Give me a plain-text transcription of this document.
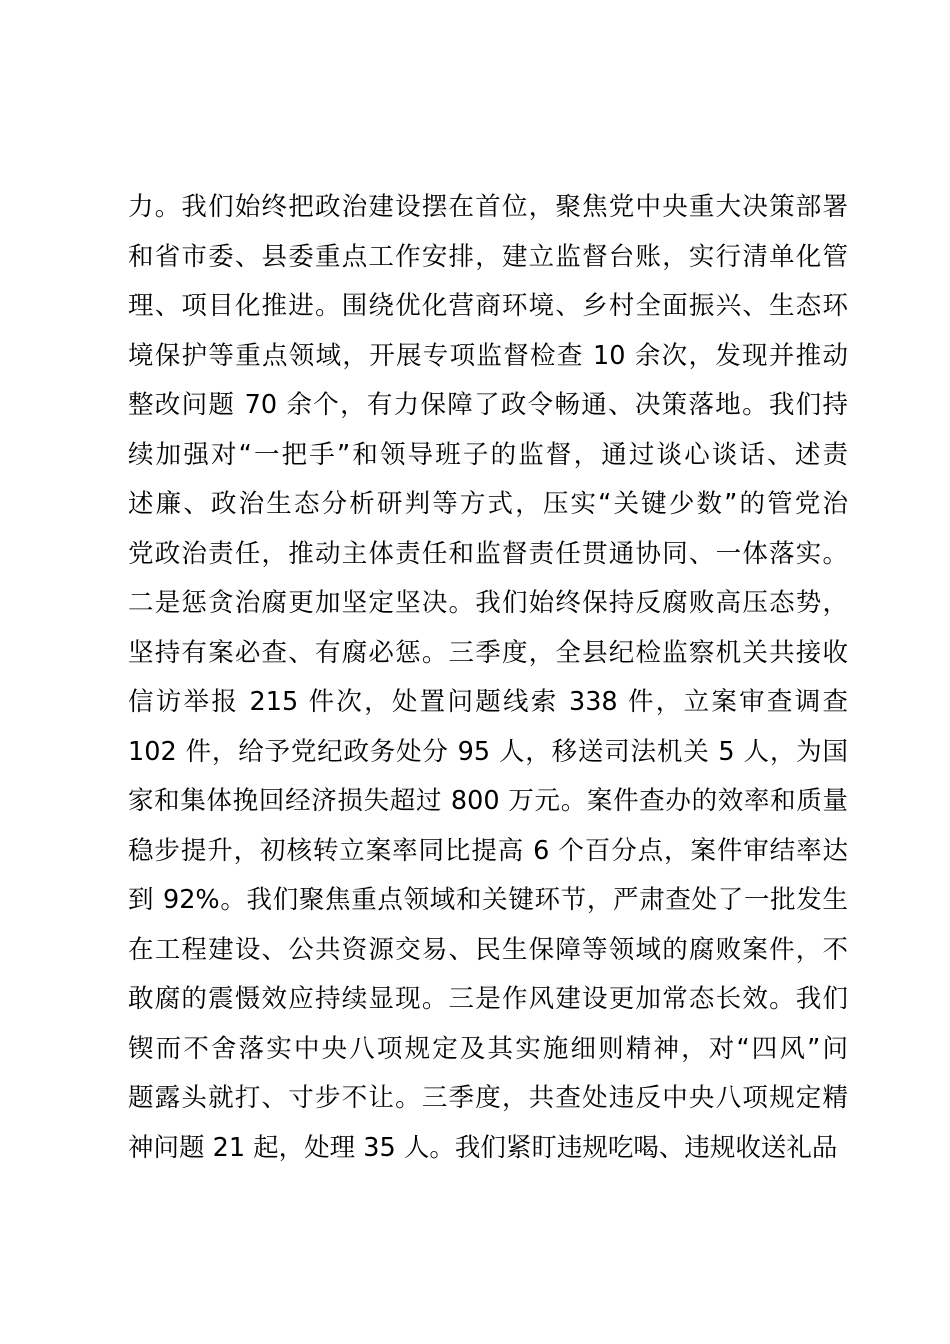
力。我们始终把政治建设摆在首位，聚焦党中央重大决策部署
和省市委、县委重点工作安排，建立监督台账，实行清单化管
理、项目化推进。围绕优化营商环境、乡村全面振兴、生态环
境保护等重点领域，开展专项监督检查 10 余次，发现并推动
整改问题 70 余个，有力保障了政令畅通、决策落地。我们持
续加强对“一把手”和领导班子的监督，通过谈心谈话、述责
述廉、政治生态分析研判等方式，压实“关键少数”的管党治
党政治责任，推动主体责任和监督责任贯通协同、一体落实。
二是惩贪治腐更加坚定坚决。我们始终保持反腐败高压态势，
坚持有案必查、有腐必惩。三季度，全县纪检监察机关共接收
信访举报 215 件次，处置问题线索 338 件，立案审查调查
102 件，给予党纪政务处分 95 人，移送司法机关 5 人，为国
家和集体挽回经济损失超过 800 万元。案件查办的效率和质量
稳步提升，初核转立案率同比提高 6 个百分点，案件审结率达
到 92%。我们聚焦重点领域和关键环节，严肃查处了一批发生
在工程建设、公共资源交易、民生保障等领域的腐败案件，不
敢腐的震慑效应持续显现。三是作风建设更加常态长效。我们
锲而不舍落实中央八项规定及其实施细则精神，对“四风”问
题露头就打、寸步不让。三季度，共查处违反中央八项规定精
神问题 21 起，处理 35 人。我们紧盯违规吃喝、违规收送礼品
